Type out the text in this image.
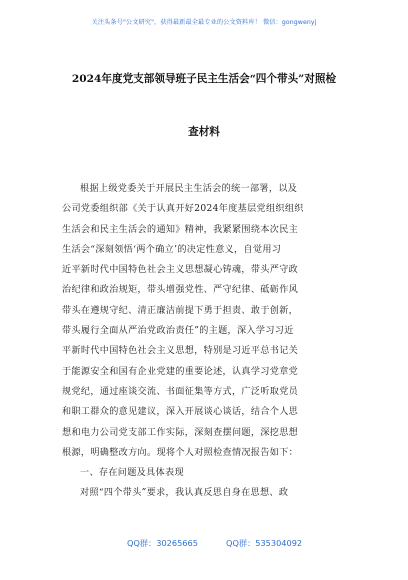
关注头条号"公文研究"，获得最新最全最专业的公文资料库！ 微信：gongwenyj
2024年度党支部领导班子民主生活会“四个带头”对照检
查材料
根据上级党委关于开展民主生活会的统一部署，以及
公司党委组织部《关于认真开好2024年度基层党组织组织
生活会和民主生活会的通知》精神，我紧紧围绕本次民主
生活会“深刻领悟‘两个确立’的决定性意义，自觉用习
近平新时代中国特色社会主义思想凝心铸魂，带头严守政
治纪律和政治规矩，带头增强党性、严守纪律、砥砺作风
带头在遵规守纪、清正廉洁前提下勇于担责、敢于创新，
带头履行全面从严治党政治责任”的主题，深入学习习近
平新时代中国特色社会主义思想，特别是习近平总书记关
于能源安全和国有企业党建的重要论述，认真学习党章党
规党纪，通过座谈交流、书面征集等方式，广泛听取党员
和职工群众的意见建议，深入开展谈心谈话，结合个人思
想和电力公司党支部工作实际，深刻查摆问题，深挖思想
根源，明确整改方向。现将个人对照检查情况报告如下：
一、存在问题及具体表现
对照“四个带头”要求，我认真反思自身在思想、政
QQ群：30265665	QQ群：535304092
